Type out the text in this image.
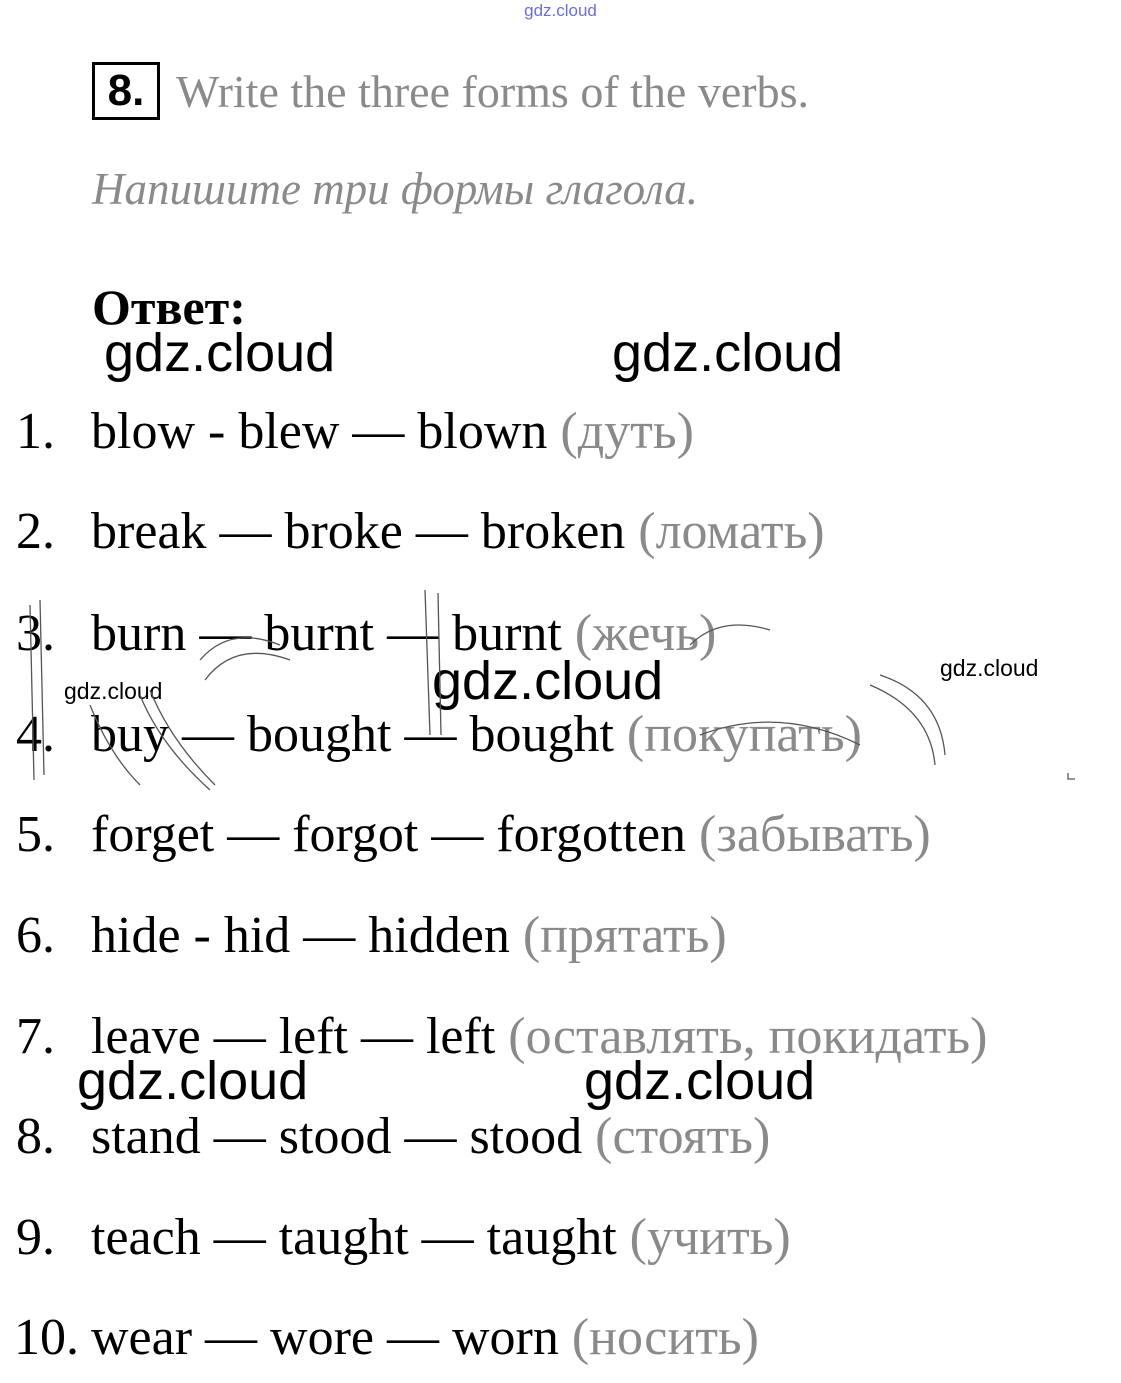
gdz.cloud
8. Write the three forms of the verbs.
Напишите три формы глагола.
Ответ:
gdz.cloud	gdz.cloud
gdz.cloud
gdz.cloud
gdz.cloud
gdz.cloud	gdz.cloud
1. blow - blew — blown (дуть)
2. break — broke — broken (ломать)
3. burn — burnt — burnt (жечь)
4. buy — bought — bought (покупать)
5. forget — forgot — forgotten (забывать)
6. hide - hid — hidden (прятать)
7. leave — left — left (оставлять, покидать)
8. stand — stood — stood (стоять)
9. teach — taught — taught (учить)
10. wear — wore — worn (носить)
